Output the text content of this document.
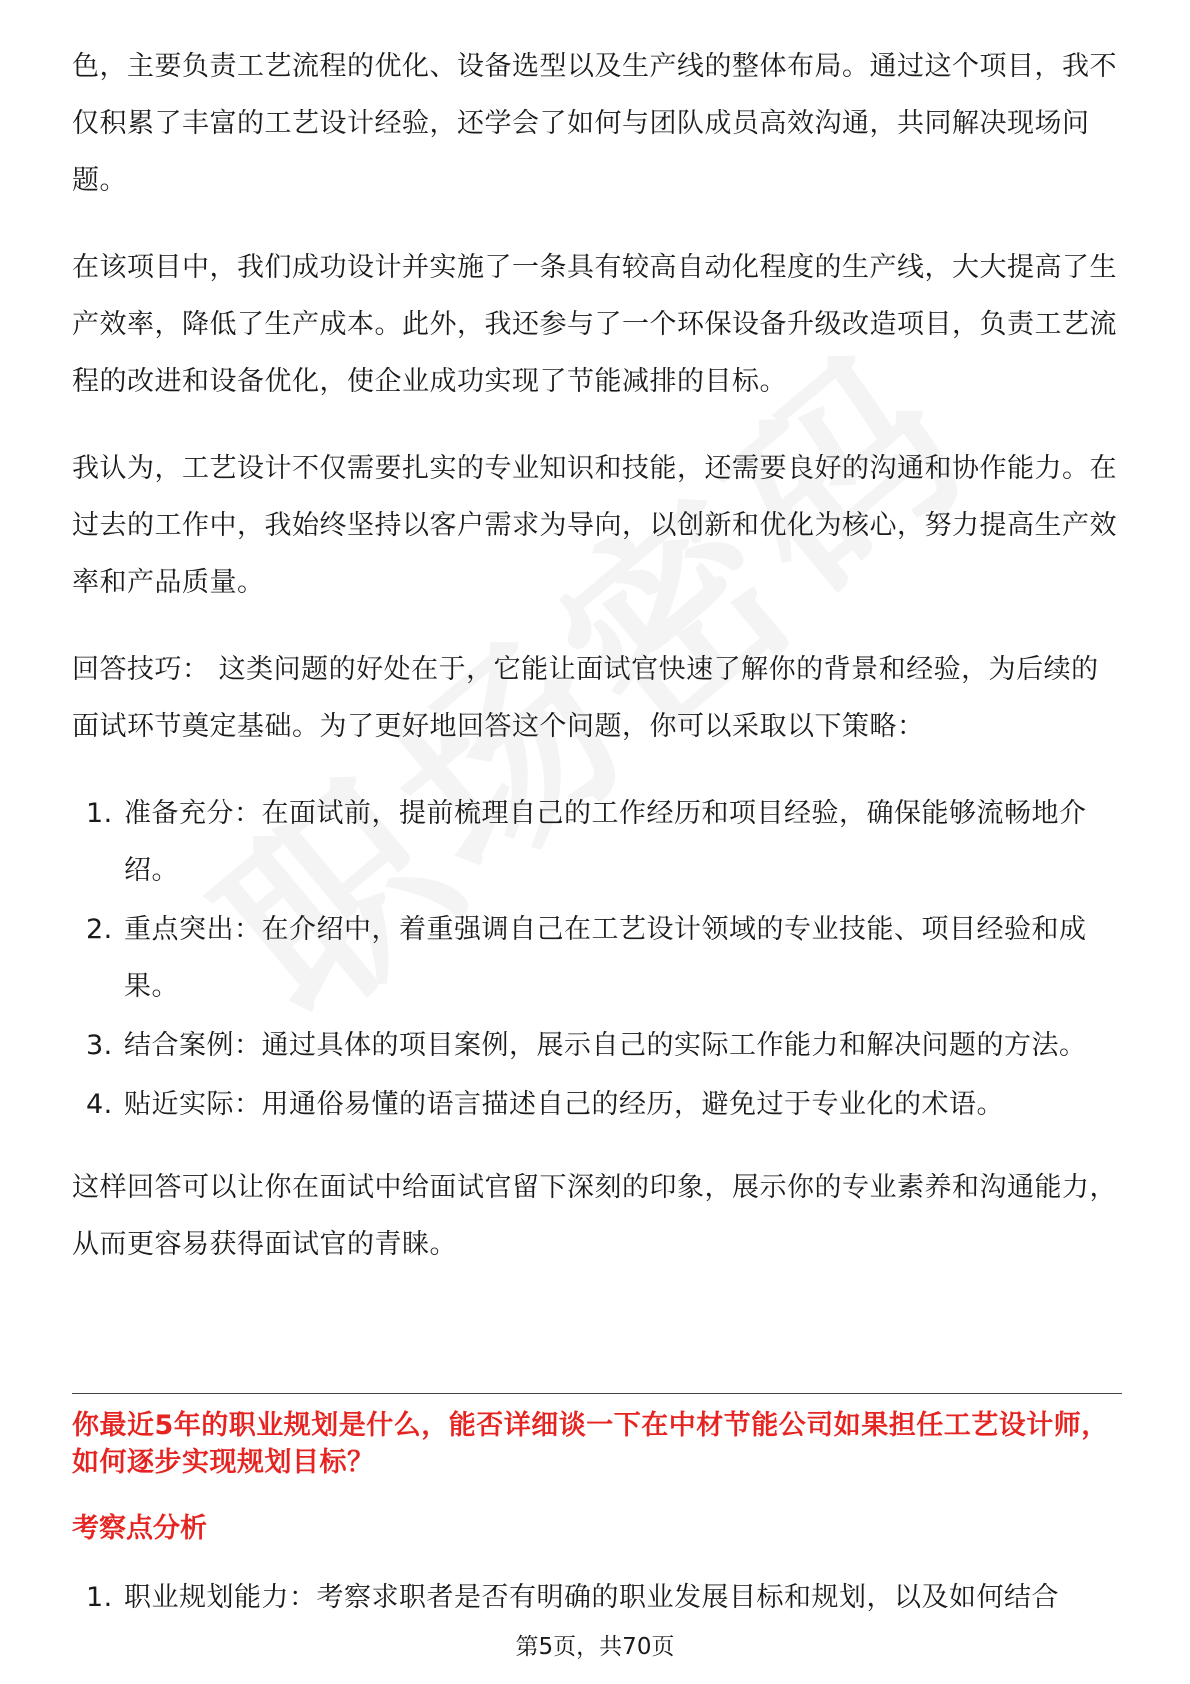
色，主要负责工艺流程的优化、设备选型以及生产线的整体布局。通过这个项目，我不仅积累了丰富的工艺设计经验，还学会了如何与团队成员高效沟通，共同解决现场问题。

在该项目中，我们成功设计并实施了一条具有较高自动化程度的生产线，大大提高了生产效率，降低了生产成本。此外，我还参与了一个环保设备升级改造项目，负责工艺流程的改进和设备优化，使企业成功实现了节能减排的目标。

我认为，工艺设计不仅需要扎实的专业知识和技能，还需要良好的沟通和协作能力。在过去的工作中，我始终坚持以客户需求为导向，以创新和优化为核心，努力提高生产效率和产品质量。

回答技巧： 这类问题的好处在于，它能让面试官快速了解你的背景和经验，为后续的面试环节奠定基础。为了更好地回答这个问题，你可以采取以下策略：

1. 准备充分：在面试前，提前梳理自己的工作经历和项目经验，确保能够流畅地介绍。
2. 重点突出：在介绍中，着重强调自己在工艺设计领域的专业技能、项目经验和成果。
3. 结合案例：通过具体的项目案例，展示自己的实际工作能力和解决问题的方法。
4. 贴近实际：用通俗易懂的语言描述自己的经历，避免过于专业化的术语。

这样回答可以让你在面试中给面试官留下深刻的印象，展示你的专业素养和沟通能力，从而更容易获得面试官的青睐。

你最近5年的职业规划是什么，能否详细谈一下在中材节能公司如果担任工艺设计师，如何逐步实现规划目标？
考察点分析
1. 职业规划能力：考察求职者是否有明确的职业发展目标和规划，以及如何结合
第5页，共70页
